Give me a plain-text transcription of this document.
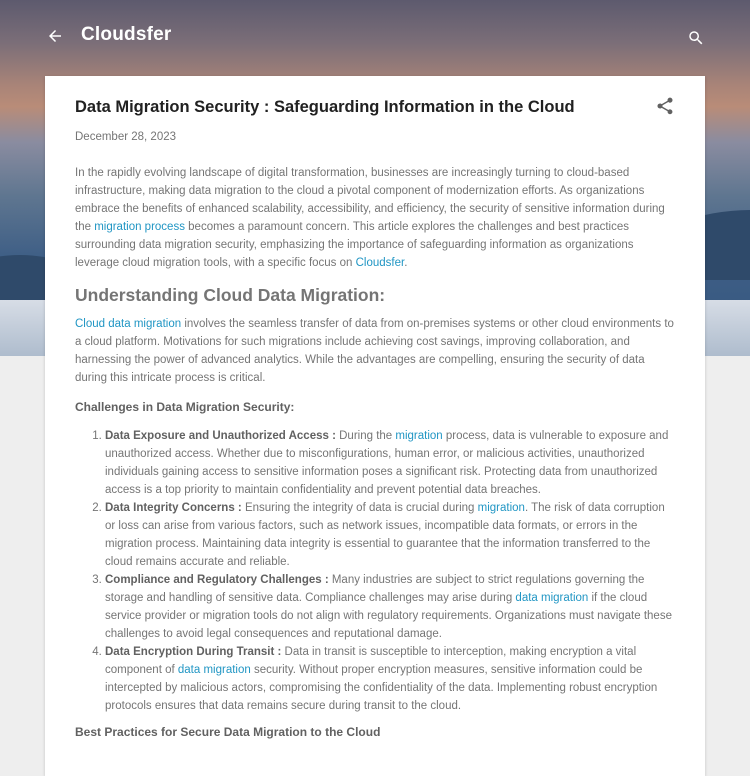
Cloudsfer
Data Migration Security : Safeguarding Information in the Cloud
December 28, 2023

In the rapidly evolving landscape of digital transformation, businesses are increasingly turning to cloud-based infrastructure, making data migration to the cloud a pivotal component of modernization efforts. As organizations embrace the benefits of enhanced scalability, accessibility, and efficiency, the security of sensitive information during the migration process becomes a paramount concern. This article explores the challenges and best practices surrounding data migration security, emphasizing the importance of safeguarding information as organizations leverage cloud migration tools, with a specific focus on Cloudsfer.

Understanding Cloud Data Migration:

Cloud data migration involves the seamless transfer of data from on-premises systems or other cloud environments to a cloud platform. Motivations for such migrations include achieving cost savings, improving collaboration, and harnessing the power of advanced analytics. While the advantages are compelling, ensuring the security of data during this intricate process is critical.

Challenges in Data Migration Security:

1. Data Exposure and Unauthorized Access : During the migration process, data is vulnerable to exposure and unauthorized access. Whether due to misconfigurations, human error, or malicious activities, unauthorized individuals gaining access to sensitive information poses a significant risk. Protecting data from unauthorized access is a top priority to maintain confidentiality and prevent potential data breaches.
2. Data Integrity Concerns : Ensuring the integrity of data is crucial during migration. The risk of data corruption or loss can arise from various factors, such as network issues, incompatible data formats, or errors in the migration process. Maintaining data integrity is essential to guarantee that the information transferred to the cloud remains accurate and reliable.
3. Compliance and Regulatory Challenges : Many industries are subject to strict regulations governing the storage and handling of sensitive data. Compliance challenges may arise during data migration if the cloud service provider or migration tools do not align with regulatory requirements. Organizations must navigate these challenges to avoid legal consequences and reputational damage.
4. Data Encryption During Transit : Data in transit is susceptible to interception, making encryption a vital component of data migration security. Without proper encryption measures, sensitive information could be intercepted by malicious actors, compromising the confidentiality of the data. Implementing robust encryption protocols ensures that data remains secure during transit to the cloud.

Best Practices for Secure Data Migration to the Cloud
